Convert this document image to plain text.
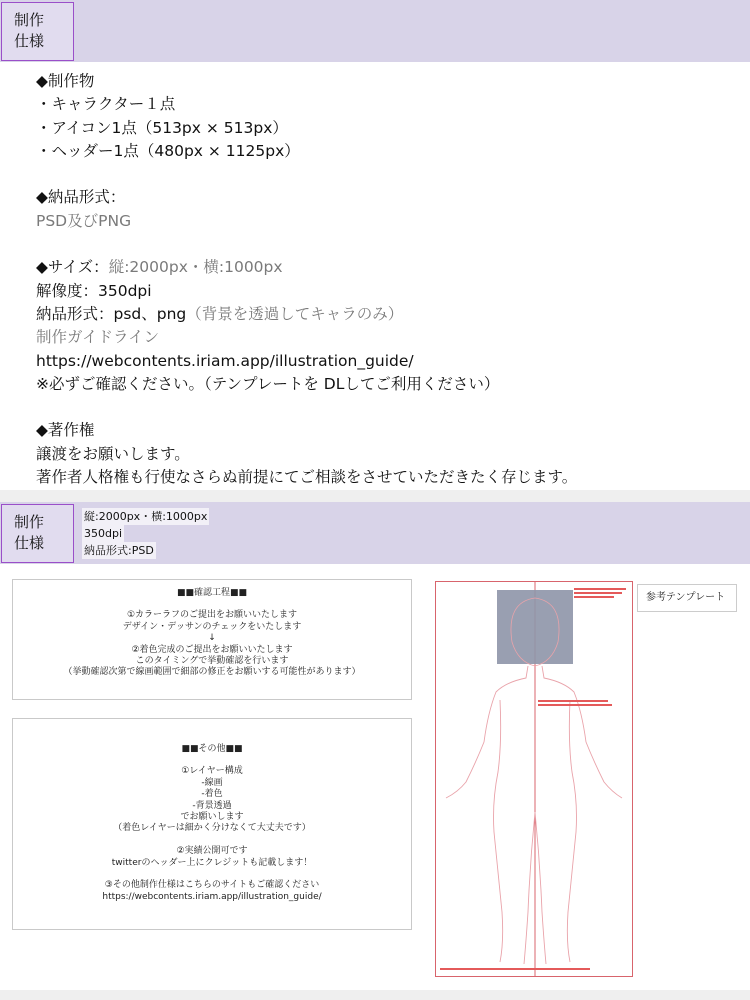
制作
仕様
◆制作物
・キャラクター１点
・アイコン1点（513px × 513px）
・ヘッダー1点（480px × 1125px）
◆納品形式：
PSD及びPNG
◆サイズ：縦:2000px・横:1000px
解像度：350dpi
納品形式：psd、png（背景を透過してキャラのみ）
制作ガイドライン
https://webcontents.iriam.app/illustration_guide/
※必ずご確認ください。（テンプレートを DLしてご利用ください）
◆著作権
譲渡をお願いします。
著作者人格権も行使なさらぬ前提にてご相談をさせていただきたく存じます。
制作
仕様
縦:2000px・横:1000px
350dpi
納品形式:PSD
■■確認工程■■
①カラーラフのご提出をお願いいたします
デザイン・デッサンのチェックをいたします
↓
②着色完成のご提出をお願いいたします
このタイミングで挙動確認を行います
（挙動確認次第で線画範囲で細部の修正をお願いする可能性があります）
■■その他■■
①レイヤー構成
-線画
-着色
-背景透過
でお願いします
（着色レイヤーは細かく分けなくて大丈夫です）
②実績公開可です
twitterのヘッダー上にクレジットも記載します！
③その他制作仕様はこちらのサイトもご確認ください
https://webcontents.iriam.app/illustration_guide/
参考テンプレート
